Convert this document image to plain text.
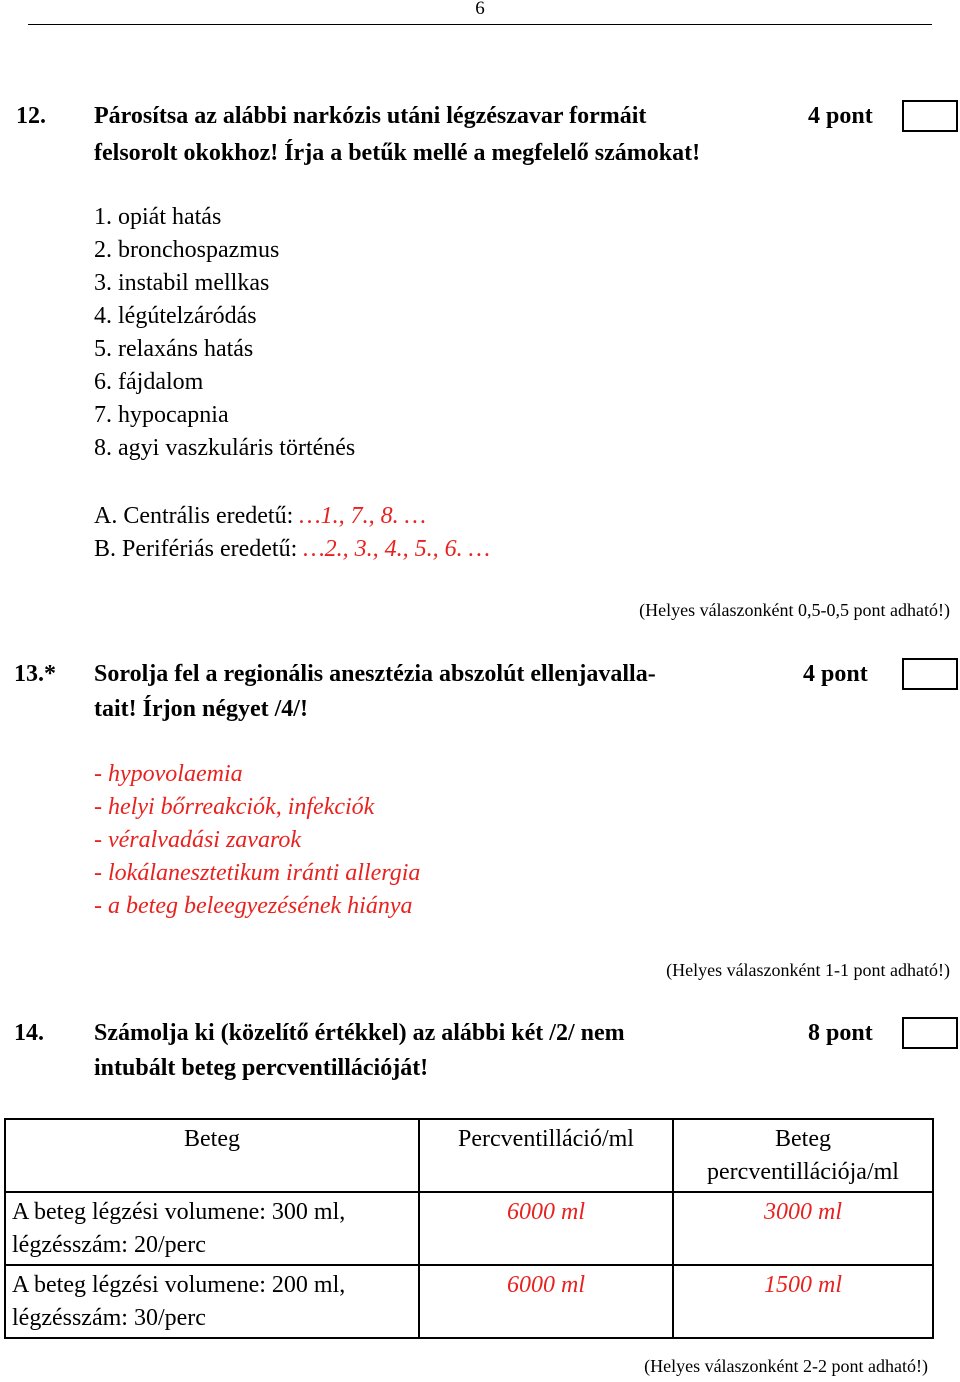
6
12. Párosítsa az alábbi narkózis utáni légzészavar formáit
felsorolt okokhoz! Írja a betűk mellé a megfelelő számokat!
4 pont
1. opiát hatás
2. bronchospazmus
3. instabil mellkas
4. légútelzáródás
5. relaxáns hatás
6. fájdalom
7. hypocapnia
8. agyi vaszkuláris történés
A. Centrális eredetű: …1., 7., 8. …
B. Perifériás eredetű: …2., 3., 4., 5., 6. …
(Helyes válaszonként 0,5-0,5 pont adható!)
13.* Sorolja fel a regionális anesztézia abszolút ellenjavalla-
tait! Írjon négyet /4/!
4 pont
- hypovolaemia
- helyi bőrreakciók, infekciók
- véralvadási zavarok
- lokálanesztetikum iránti allergia
- a beteg beleegyezésének hiánya
(Helyes válaszonként 1-1 pont adható!)
14. Számolja ki (közelítő értékkel) az alábbi két /2/ nem
intubált beteg percventillációját!
8 pont
Beteg	Percventilláció/ml	Beteg percventillációja/ml
A beteg légzési volumene: 300 ml,
légzésszám: 20/perc	6000 ml	3000 ml
A beteg légzési volumene: 200 ml,
légzésszám: 30/perc	6000 ml	1500 ml
(Helyes válaszonként 2-2 pont adható!)
